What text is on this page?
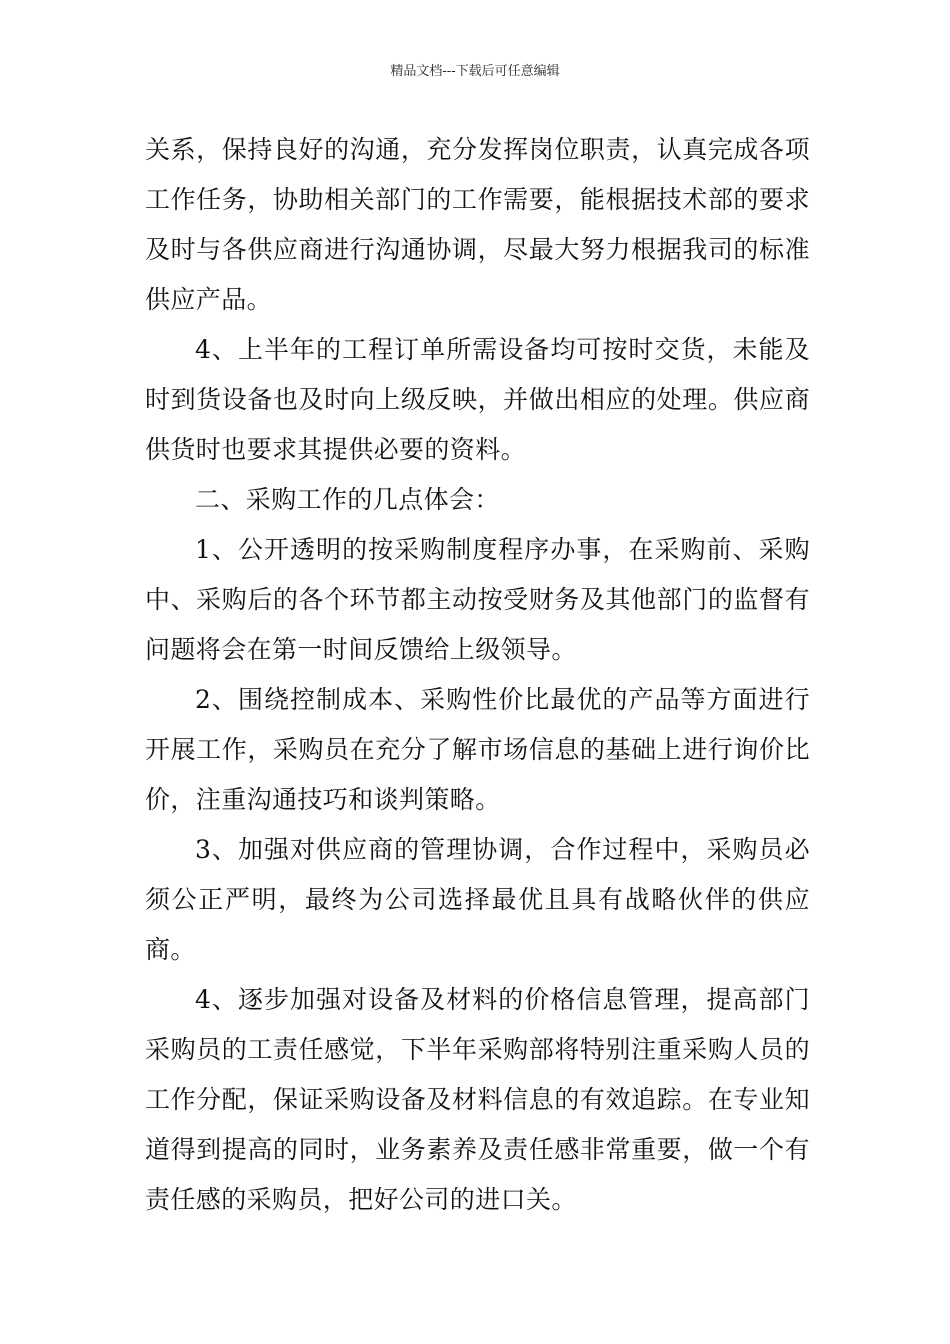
精品文档---下载后可任意编辑

关系，保持良好的沟通，充分发挥岗位职责，认真完成各项工作任务，协助相关部门的工作需要，能根据技术部的要求及时与各供应商进行沟通协调，尽最大努力根据我司的标准供应产品。

4、上半年的工程订单所需设备均可按时交货，未能及时到货设备也及时向上级反映，并做出相应的处理。供应商供货时也要求其提供必要的资料。

二、采购工作的几点体会：

1、公开透明的按采购制度程序办事，在采购前、采购中、采购后的各个环节都主动按受财务及其他部门的监督有问题将会在第一时间反馈给上级领导。

2、围绕控制成本、采购性价比最优的产品等方面进行开展工作，采购员在充分了解市场信息的基础上进行询价比价，注重沟通技巧和谈判策略。

3、加强对供应商的管理协调，合作过程中，采购员必须公正严明，最终为公司选择最优且具有战略伙伴的供应商。

4、逐步加强对设备及材料的价格信息管理，提高部门采购员的工责任感觉，下半年采购部将特别注重采购人员的工作分配，保证采购设备及材料信息的有效追踪。在专业知道得到提高的同时，业务素养及责任感非常重要，做一个有责任感的采购员，把好公司的进口关。
